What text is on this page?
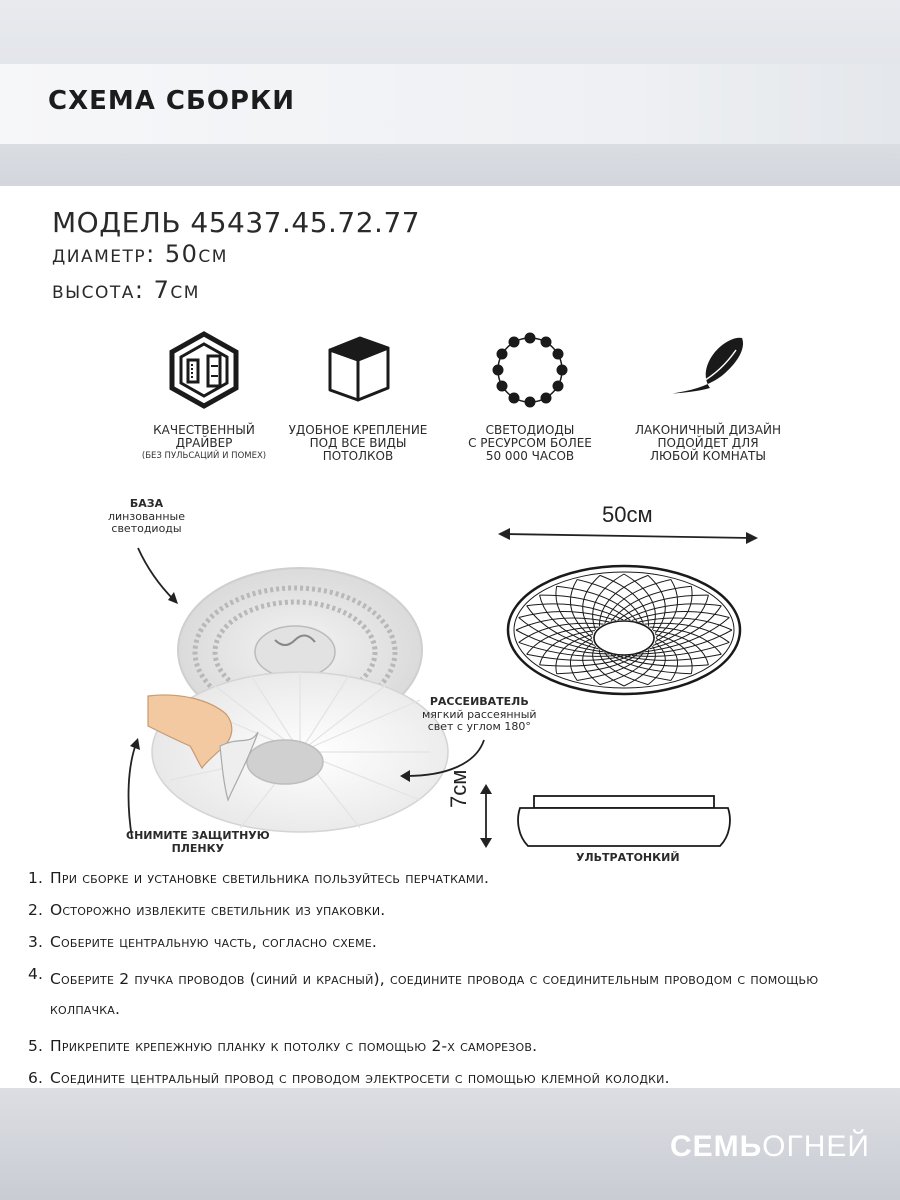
СХЕМА СБОРКИ
МОДЕЛЬ 45437.45.72.77
диаметр: 50см
высота: 7см
КАЧЕСТВЕННЫЙ
ДРАЙВЕР
(БЕЗ ПУЛЬСАЦИЙ И ПОМЕХ)
УДОБНОЕ КРЕПЛЕНИЕ
ПОД ВСЕ ВИДЫ
ПОТОЛКОВ
СВЕТОДИОДЫ
С РЕСУРСОМ БОЛЕЕ
50 000 ЧАСОВ
ЛАКОНИЧНЫЙ ДИЗАЙН
ПОДОЙДЕТ ДЛЯ
ЛЮБОЙ КОМНАТЫ
БАЗА
линзованные
светодиоды
РАССЕИВАТЕЛЬ
мягкий рассеянный
свет с углом 180°
СНИМИТЕ ЗАЩИТНУЮ
ПЛЕНКУ
50см
7см
УЛЬТРАТОНКИЙ
1. При сборке и установке светильника пользуйтесь перчатками.
2. Осторожно извлеките светильник из упаковки.
3. Соберите центральную часть, согласно схеме.
4. Соберите 2 пучка проводов (синий и красный), соедините провода с соединительным проводом с помощью колпачка.
5. Прикрепите крепежную планку к потолку с помощью 2-х саморезов.
6. Соедините центральный провод с проводом электросети с помощью клемной колодки.
СЕМЬОГНЕЙ
